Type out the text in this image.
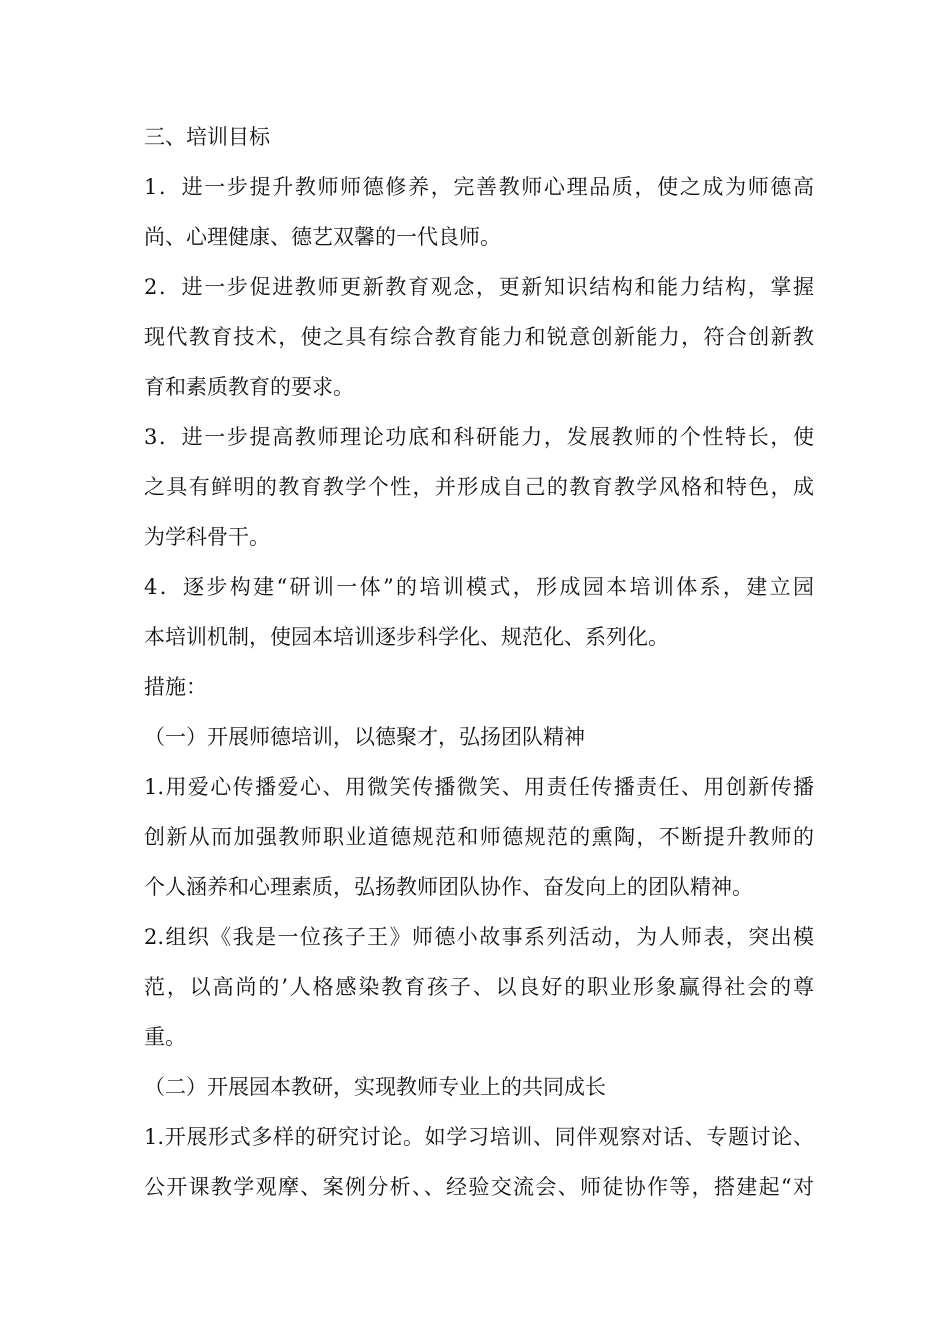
三、培训目标
1．进一步提升教师师德修养，完善教师心理品质，使之成为师德高
尚、心理健康、德艺双馨的一代良师。
2．进一步促进教师更新教育观念，更新知识结构和能力结构，掌握
现代教育技术，使之具有综合教育能力和锐意创新能力，符合创新教
育和素质教育的要求。
3．进一步提高教师理论功底和科研能力，发展教师的个性特长，使
之具有鲜明的教育教学个性，并形成自己的教育教学风格和特色，成
为学科骨干。
4．逐步构建“研训一体”的培训模式，形成园本培训体系，建立园
本培训机制，使园本培训逐步科学化、规范化、系列化。
措施：
（一）开展师德培训，以德聚才，弘扬团队精神
1.用爱心传播爱心、用微笑传播微笑、用责任传播责任、用创新传播
创新从而加强教师职业道德规范和师德规范的熏陶，不断提升教师的
个人涵养和心理素质，弘扬教师团队协作、奋发向上的团队精神。
2.组织《我是一位孩子王》师德小故事系列活动，为人师表，突出模
范，以高尚的’人格感染教育孩子、以良好的职业形象赢得社会的尊
重。
（二）开展园本教研，实现教师专业上的共同成长
1.开展形式多样的研究讨论。如学习培训、同伴观察对话、专题讨论、
公开课教学观摩、案例分析、、经验交流会、师徒协作等，搭建起“对
